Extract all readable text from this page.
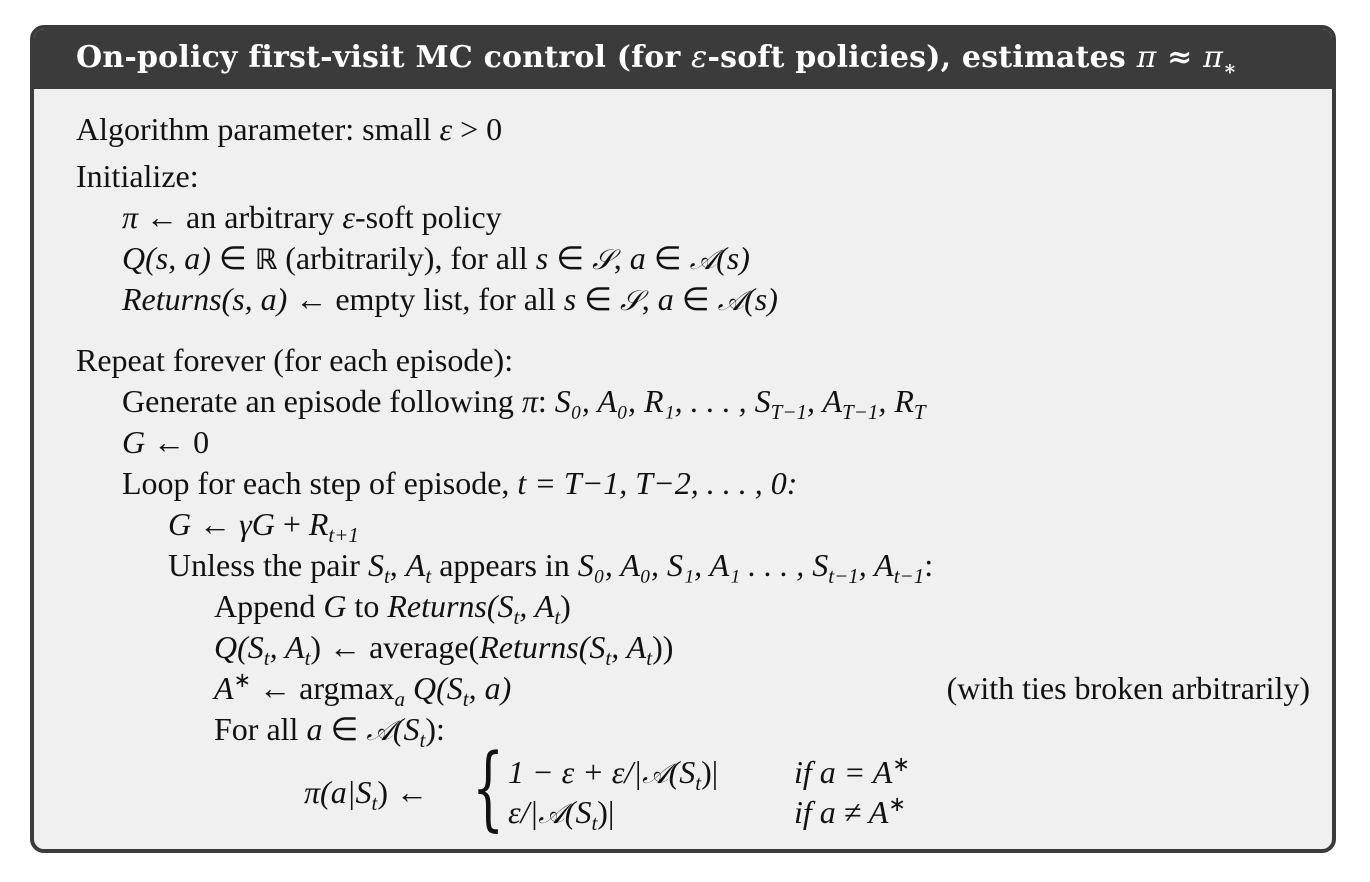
On-policy first-visit MC control (for ε-soft policies), estimates $\pi \approx \pi_∗$
Algorithm parameter: small ε > 0
Initialize:
π ← an arbitrary ε-soft policy
Q(s, a) ∈ ℝ (arbitrarily), for all s ∈ 𝒮, a ∈ 𝒜(s)
Returns(s, a) ← empty list, for all s ∈ 𝒮, a ∈ 𝒜(s)
Repeat forever (for each episode):
Generate an episode following π: S₀, A₀, R₁, . . . , $S_{T-1}$, $A_{T-1}$, $R_T$
G ← 0
Loop for each step of episode, t = T−1, T−2, . . . , 0:
G ← $\gamma G + R_{t+1}$
Unless the pair $S_t$, $A_t$ appears in S₀, A₀, S₁, A₁ . . . , $S_{t-1}$, $A_{t-1}$:
Append G to $Returns(S_t$, $A_t$)
$Q(S_t$, $A_t$) ← $average(Returns(S_t$, $A_t$))
A∗ ← argmax$_a$ $Q(S_t$, a)	(with ties broken arbitrarily)
For all a ∈ $𝒜(S_t)$:
$\pi(a|S_t)$ ← { $1 - \varepsilon + \varepsilon/|𝒜(S_t)|$ if a = A∗
$\varepsilon/|𝒜(S_t)|$	if a ≠ A∗
